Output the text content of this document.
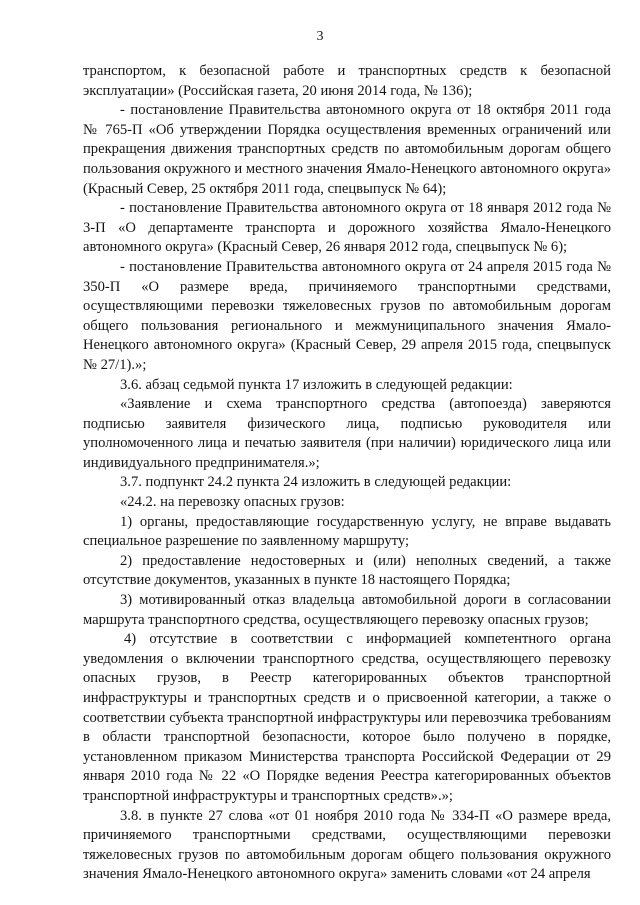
3

транспортом, к безопасной работе и транспортных средств к безопасной эксплуатации» (Российская газета, 20 июня 2014 года, № 136);

- постановление Правительства автономного округа от 18 октября 2011 года № 765-П «Об утверждении Порядка осуществления временных ограничений или прекращения движения транспортных средств по автомобильным дорогам общего пользования окружного и местного значения Ямало-Ненецкого автономного округа» (Красный Север, 25 октября 2011 года, спецвыпуск № 64);

- постановление Правительства автономного округа от 18 января 2012 года № 3-П «О департаменте транспорта и дорожного хозяйства Ямало-Ненецкого автономного округа» (Красный Север, 26 января 2012 года, спецвыпуск № 6);

- постановление Правительства автономного округа от 24 апреля 2015 года № 350-П «О размере вреда, причиняемого транспортными средствами, осуществляющими перевозки тяжеловесных грузов по автомобильным дорогам общего пользования регионального и межмуниципального значения Ямало-Ненецкого автономного округа» (Красный Север, 29 апреля 2015 года, спецвыпуск № 27/1).»;

3.6. абзац седьмой пункта 17 изложить в следующей редакции:

«Заявление и схема транспортного средства (автопоезда) заверяются подписью заявителя физического лица, подписью руководителя или уполномоченного лица и печатью заявителя (при наличии) юридического лица или индивидуального предпринимателя.»;

3.7. подпункт 24.2 пункта 24 изложить в следующей редакции:

«24.2. на перевозку опасных грузов:

1) органы, предоставляющие государственную услугу, не вправе выдавать специальное разрешение по заявленному маршруту;

2) предоставление недостоверных и (или) неполных сведений, а также отсутствие документов, указанных в пункте 18 настоящего Порядка;

3) мотивированный отказ владельца автомобильной дороги в согласовании маршрута транспортного средства, осуществляющего перевозку опасных грузов;

4) отсутствие в соответствии с информацией компетентного органа уведомления о включении транспортного средства, осуществляющего перевозку опасных грузов, в Реестр категорированных объектов транспортной инфраструктуры и транспортных средств и о присвоенной категории, а также о соответствии субъекта транспортной инфраструктуры или перевозчика требованиям в области транспортной безопасности, которое было получено в порядке, установленном приказом Министерства транспорта Российской Федерации от 29 января 2010 года № 22 «О Порядке ведения Реестра категорированных объектов транспортной инфраструктуры и транспортных средств».»;

3.8. в пункте 27 слова «от 01 ноября 2010 года № 334-П «О размере вреда, причиняемого транспортными средствами, осуществляющими перевозки тяжеловесных грузов по автомобильным дорогам общего пользования окружного значения Ямало-Ненецкого автономного округа» заменить словами «от 24 апреля
